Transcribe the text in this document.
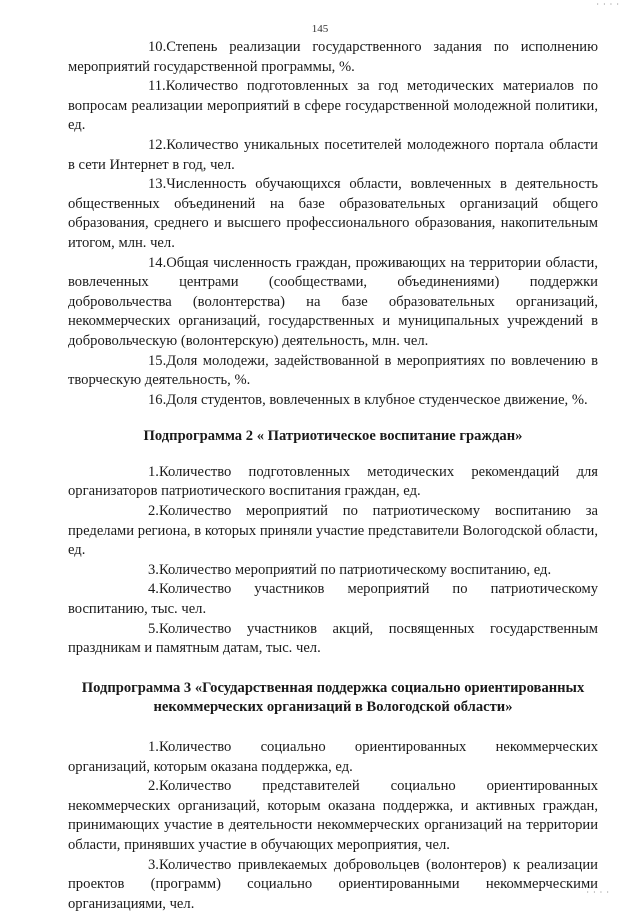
· · · ·
145

10.Степень реализации государственного задания по исполнению мероприятий государственной программы, %.

11.Количество подготовленных за год методических материалов по вопросам реализации мероприятий в сфере государственной молодежной политики, ед.

12.Количество уникальных посетителей молодежного портала области в сети Интернет в год, чел.

13.Численность обучающихся области, вовлеченных в деятельность общественных объединений на базе образовательных организаций общего образования, среднего и высшего профессионального образования, накопительным итогом, млн. чел.

14.Общая численность граждан, проживающих на территории области, вовлеченных центрами (сообществами, объединениями) поддержки добровольчества (волонтерства) на базе образовательных организаций, некоммерческих организаций, государственных и муниципальных учреждений в добровольческую (волонтерскую) деятельность, млн. чел.

15.Доля молодежи, задействованной в мероприятиях по вовлечению в творческую деятельность, %.

16.Доля студентов, вовлеченных в клубное студенческое движение, %.

Подпрограмма 2 « Патриотическое воспитание граждан»

1.Количество подготовленных методических рекомендаций для организаторов патриотического воспитания граждан, ед.

2.Количество мероприятий по патриотическому воспитанию за пределами региона, в которых приняли участие представители Вологодской области, ед.

3.Количество мероприятий по патриотическому воспитанию, ед.

4.Количество участников мероприятий по патриотическому воспитанию, тыс. чел.

5.Количество участников акций, посвященных государственным праздникам и памятным датам, тыс. чел.

Подпрограмма 3 «Государственная поддержка социально ориентированных некоммерческих организаций в Вологодской области»

1.Количество социально ориентированных некоммерческих организаций, которым оказана поддержка, ед.

2.Количество представителей социально ориентированных некоммерческих организаций, которым оказана поддержка, и активных граждан, принимающих участие в деятельности некоммерческих организаций на территории области, принявших участие в обучающих мероприятия, чел.

3.Количество привлекаемых добровольцев (волонтеров) к реализации проектов (программ) социально ориентированными некоммерческими организациями, чел.

· · · ·
